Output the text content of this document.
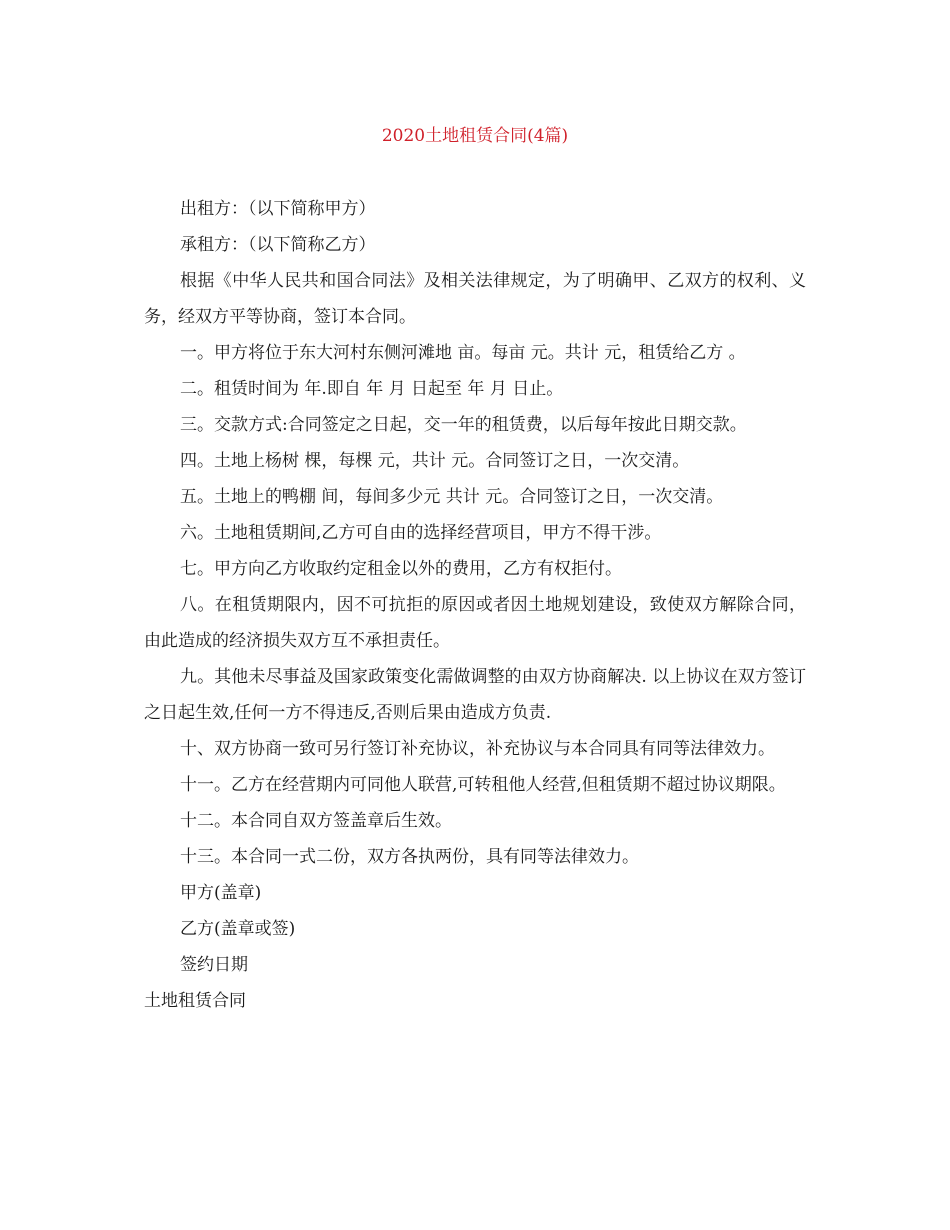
2020土地租赁合同(4篇)

出租方：（以下简称甲方）

承租方：（以下简称乙方）

根据《中华人民共和国合同法》及相关法律规定，为了明确甲、乙双方的权利、义务，经双方平等协商，签订本合同。

一。甲方将位于东大河村东侧河滩地 亩。每亩 元。共计 元，租赁给乙方 。

二。租赁时间为 年.即自 年 月 日起至 年 月 日止。

三。交款方式:合同签定之日起，交一年的租赁费，以后每年按此日期交款。

四。土地上杨树 棵，每棵 元，共计 元。合同签订之日，一次交清。

五。土地上的鸭棚 间，每间多少元 共计 元。合同签订之日，一次交清。

六。土地租赁期间,乙方可自由的选择经营项目，甲方不得干涉。

七。甲方向乙方收取约定租金以外的费用，乙方有权拒付。

八。在租赁期限内，因不可抗拒的原因或者因土地规划建设，致使双方解除合同，由此造成的经济损失双方互不承担责任。

九。其他未尽事益及国家政策变化需做调整的由双方协商解决. 以上协议在双方签订之日起生效,任何一方不得违反,否则后果由造成方负责.

十、双方协商一致可另行签订补充协议，补充协议与本合同具有同等法律效力。

十一。乙方在经营期内可同他人联营,可转租他人经营,但租赁期不超过协议期限。

十二。本合同自双方签盖章后生效。

十三。本合同一式二份，双方各执两份，具有同等法律效力。

甲方(盖章)

乙方(盖章或签)

签约日期

土地租赁合同
